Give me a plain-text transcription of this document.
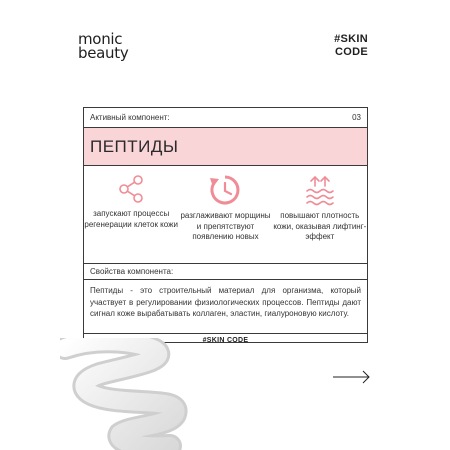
monic
beauty
#SKIN
CODE
Активный компонент:	03
ПЕПТИДЫ
запускают процессы регенерации клеток кожи
разглаживают морщины и препятствуют появлению новых
повышают плотность кожи, оказывая лифтинг- эффект
Свойства компонента:
Пептиды - это строительный материал для организма, который участвует в регулировании физиологических процессов. Пептиды дают сигнал коже вырабатывать коллаген, эластин, гиалуроновую кислоту.
#SKIN CODE
